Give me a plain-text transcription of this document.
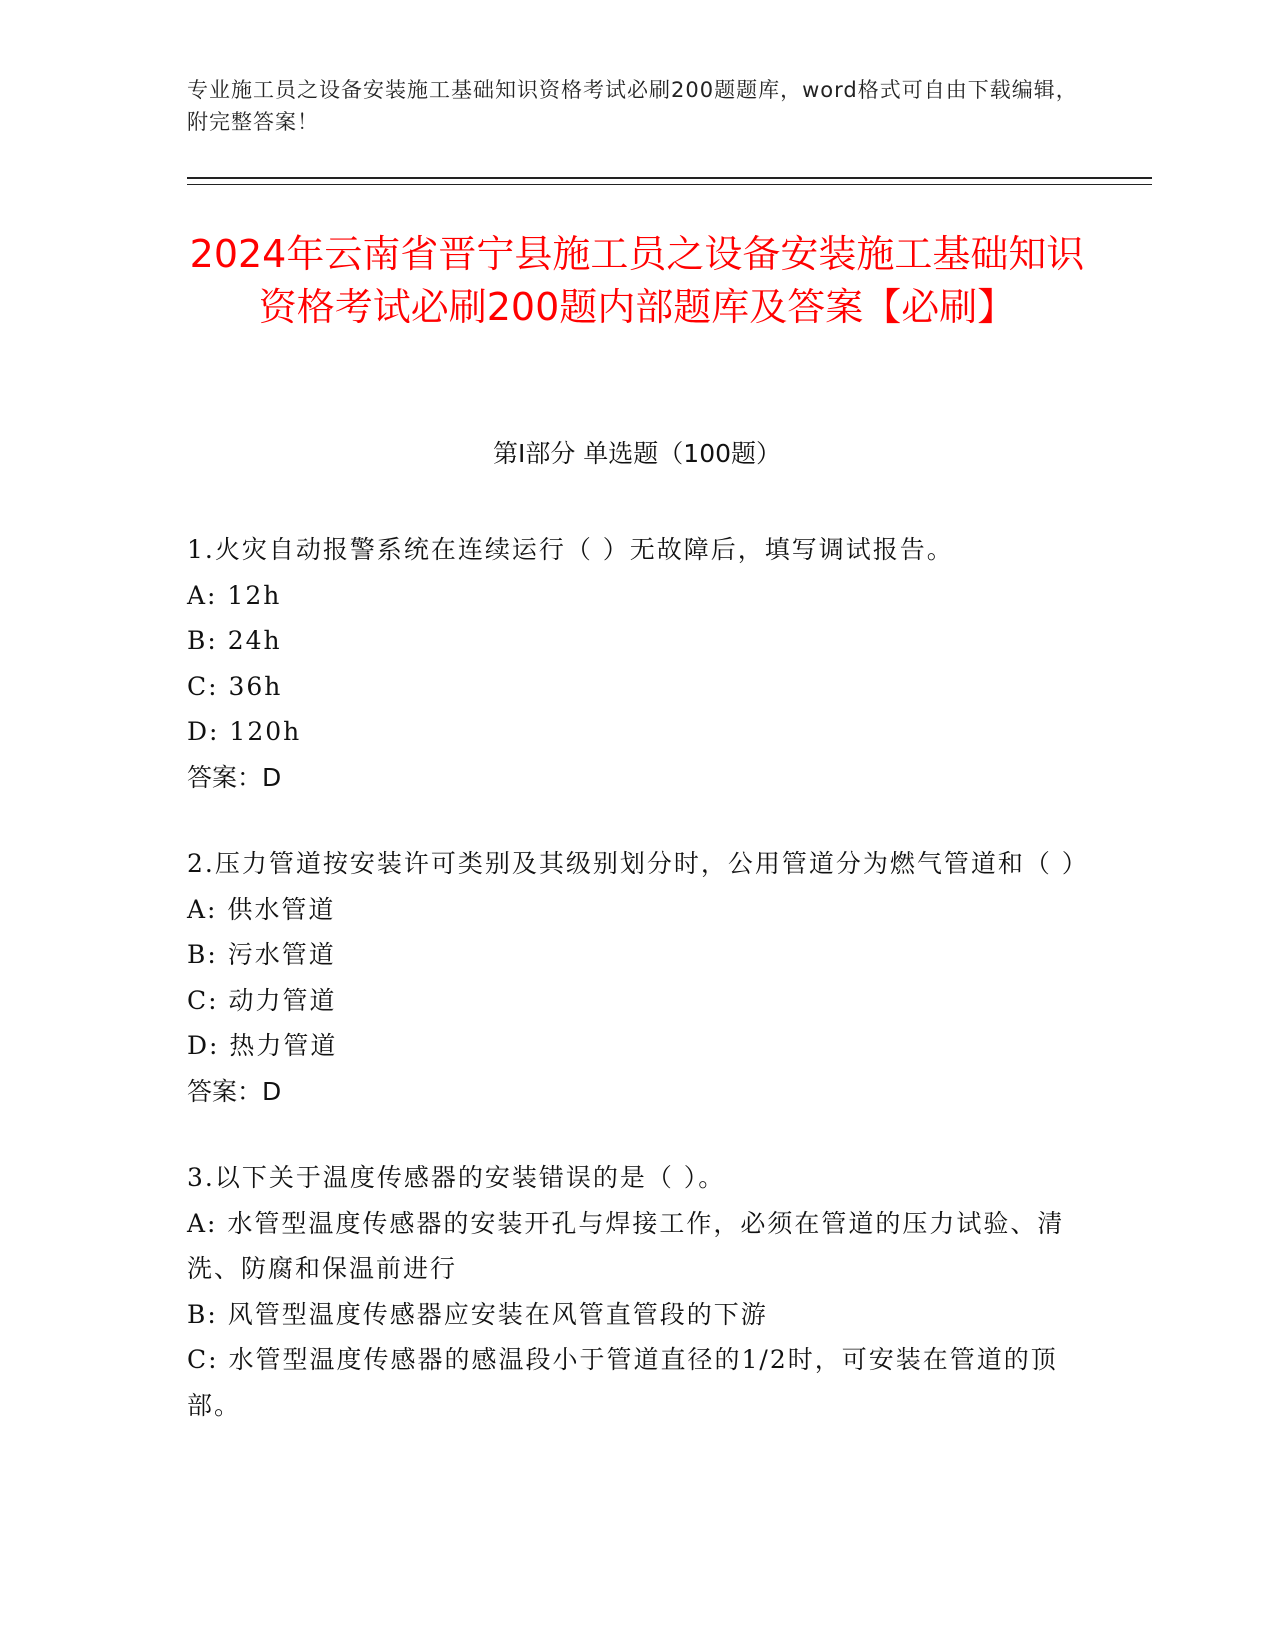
专业施工员之设备安装施工基础知识资格考试必刷200题题库，word格式可自由下载编辑，附完整答案！
2024年云南省晋宁县施工员之设备安装施工基础知识资格考试必刷200题内部题库及答案【必刷】
第Ⅰ部分 单选题（100题）
1.火灾自动报警系统在连续运行（ ）无故障后，填写调试报告。
A: 12h
B: 24h
C: 36h
D: 120h
答案：D
2.压力管道按安装许可类别及其级别划分时，公用管道分为燃气管道和（ ）
A: 供水管道
B: 污水管道
C: 动力管道
D: 热力管道
答案：D
3.以下关于温度传感器的安装错误的是（ ）。
A: 水管型温度传感器的安装开孔与焊接工作，必须在管道的压力试验、清洗、防腐和保温前进行
B: 风管型温度传感器应安装在风管直管段的下游
C: 水管型温度传感器的感温段小于管道直径的1/2时，可安装在管道的顶部。
